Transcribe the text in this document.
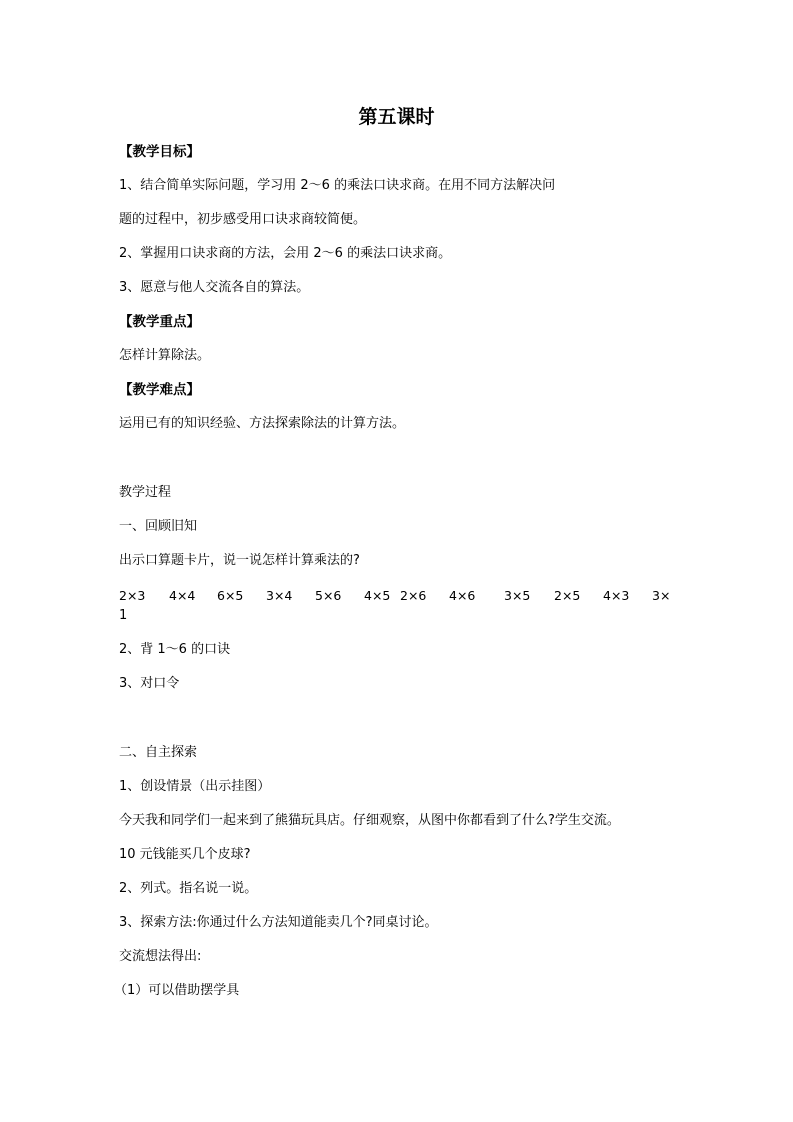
第五课时
【教学目标】
1、结合简单实际问题，学习用 2～6 的乘法口诀求商。在用不同方法解决问
题的过程中，初步感受用口诀求商较简便。
2、掌握用口诀求商的方法，会用 2～6 的乘法口诀求商。
3、愿意与他人交流各自的算法。
【教学重点】
怎样计算除法。
【教学难点】
运用已有的知识经验、方法探索除法的计算方法。
教学过程
一、回顾旧知
出示口算题卡片，说一说怎样计算乘法的?
2×3 4×4 6×5 3×4 5×6 4×5 2×6 4×6 3×5 2×5 4×3 3×
1
2、背 1～6 的口诀
3、对口令
二、自主探索
1、创设情景（出示挂图）
今天我和同学们一起来到了熊猫玩具店。仔细观察，从图中你都看到了什么?学生交流。
10 元钱能买几个皮球?
2、列式。指名说一说。
3、探索方法:你通过什么方法知道能卖几个?同桌讨论。
交流想法得出:
（1）可以借助摆学具
